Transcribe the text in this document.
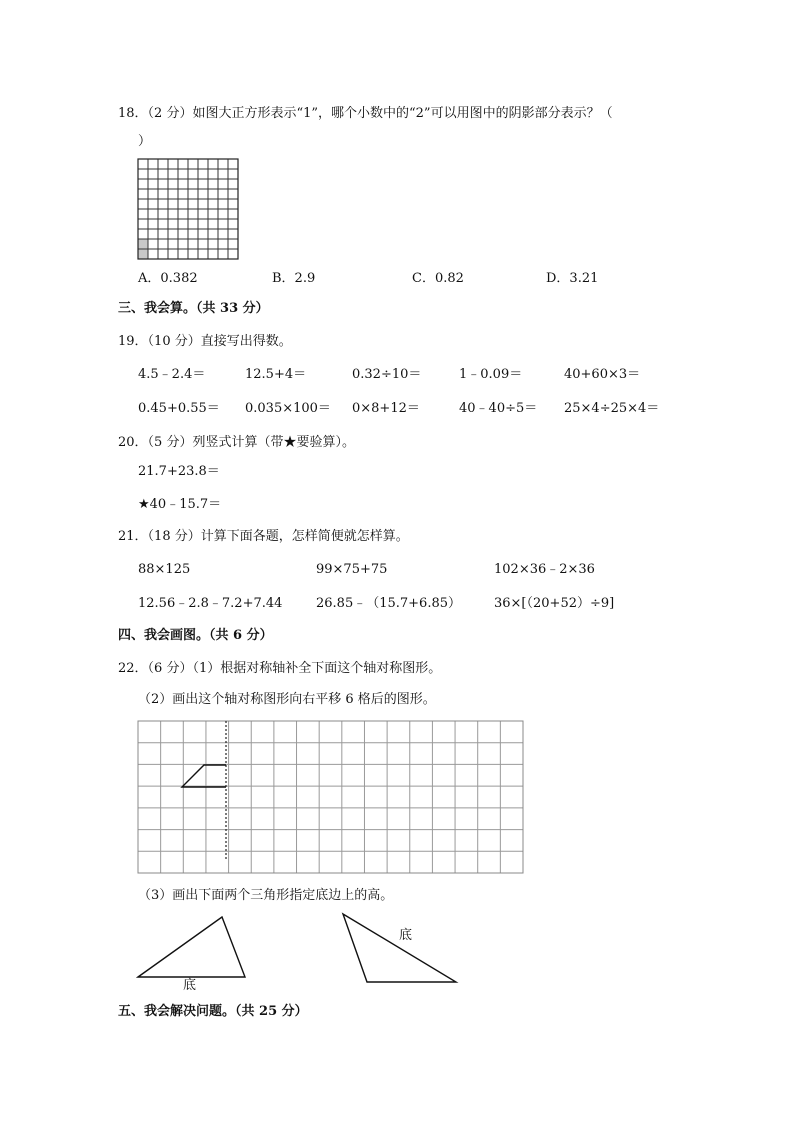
18．（2 分）如图大正方形表示“1”，哪个小数中的“2”可以用图中的阴影部分表示？（
）
A．0.382	B．2.9	C．0.82	D．3.21
三、我会算。（共 33 分）
19．（10 分）直接写出得数。
4.5﹣2.4＝	12.5+4＝	0.32÷10＝	1﹣0.09＝	40+60×3＝
0.45+0.55＝ 0.035×100＝ 0×8+12＝	40﹣40÷5＝ 25×4÷25×4＝
20．（5 分）列竖式计算（带★要验算）。
21.7+23.8＝
★40﹣15.7＝
21．（18 分）计算下面各题，怎样简便就怎样算。
88×125	99×75+75	102×36﹣2×36
12.56﹣2.8﹣7.2+7.44	26.85﹣（15.7+6.85）	36×[（20+52）÷9]
四、我会画图。（共 6 分）
22．（6 分）（1）根据对称轴补全下面这个轴对称图形。
（2）画出这个轴对称图形向右平移 6 格后的图形。
（3）画出下面两个三角形指定底边上的高。
底
底
五、我会解决问题。（共 25 分）
